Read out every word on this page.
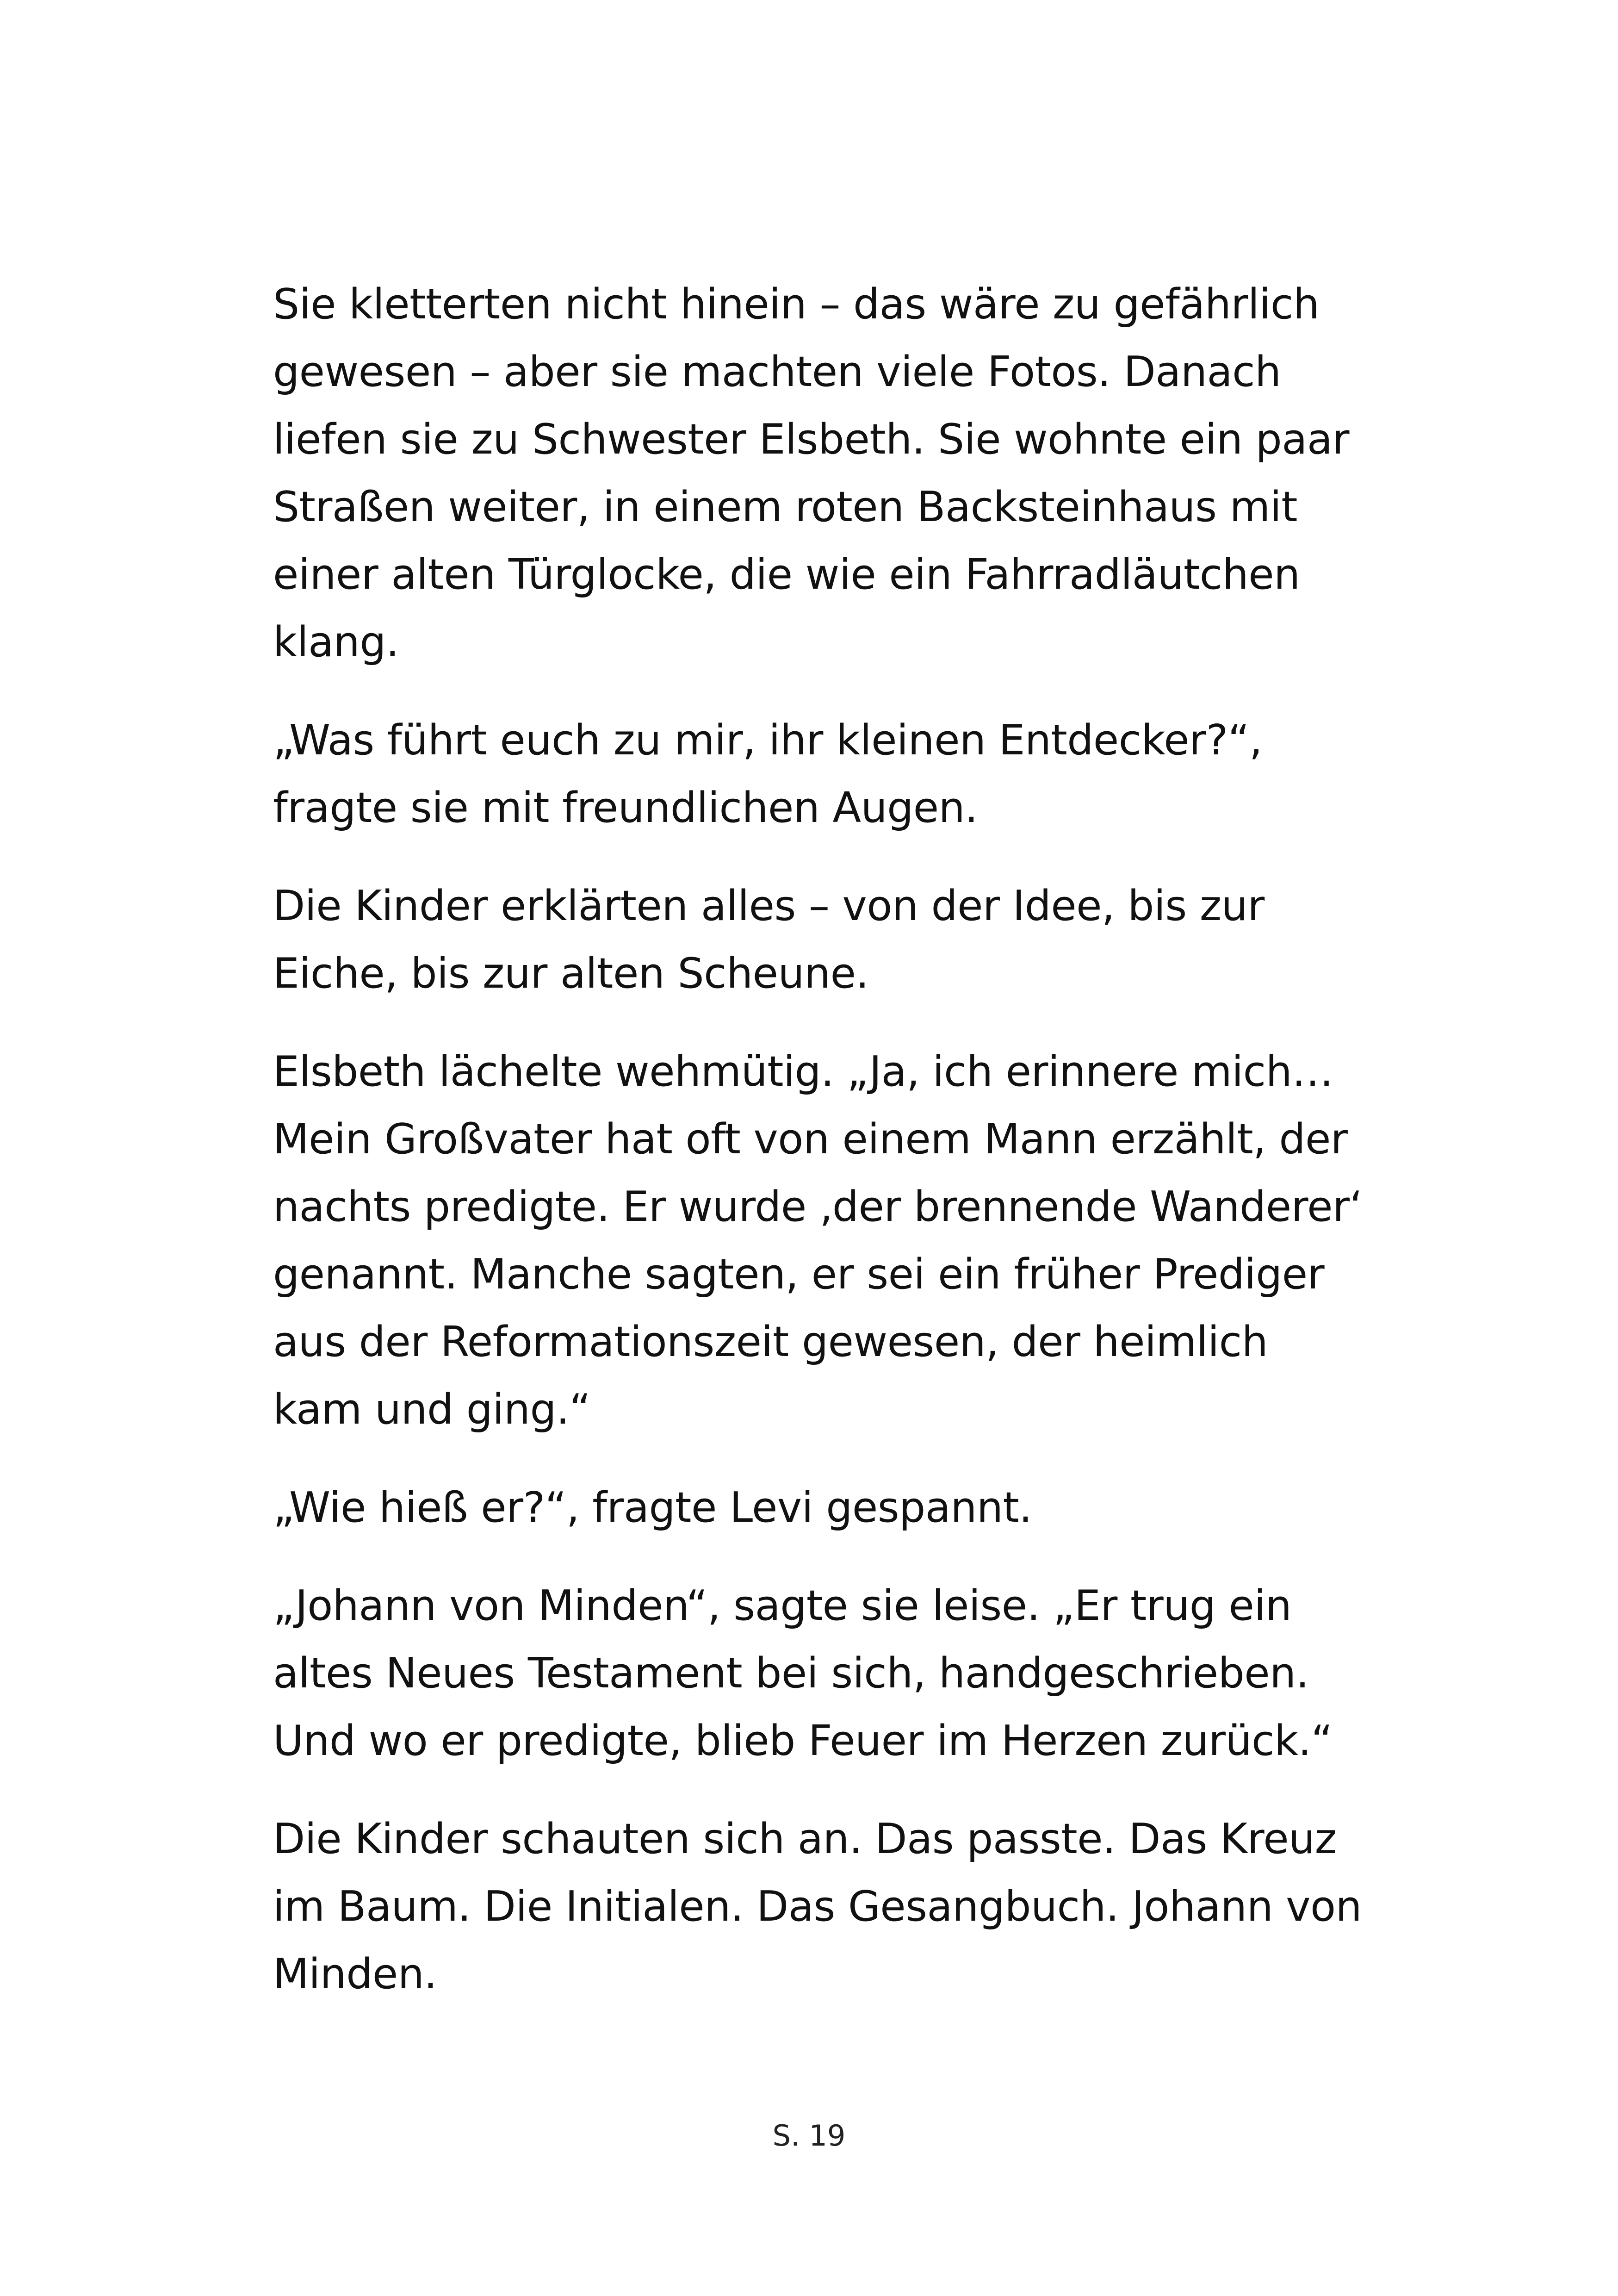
Sie kletterten nicht hinein – das wäre zu gefährlich
gewesen – aber sie machten viele Fotos. Danach
liefen sie zu Schwester Elsbeth. Sie wohnte ein paar
Straßen weiter, in einem roten Backsteinhaus mit
einer alten Türglocke, die wie ein Fahrradläutchen
klang.

„Was führt euch zu mir, ihr kleinen Entdecker?“,
fragte sie mit freundlichen Augen.

Die Kinder erklärten alles – von der Idee, bis zur
Eiche, bis zur alten Scheune.

Elsbeth lächelte wehmütig. „Ja, ich erinnere mich…
Mein Großvater hat oft von einem Mann erzählt, der
nachts predigte. Er wurde ‚der brennende Wanderer‘
genannt. Manche sagten, er sei ein früher Prediger
aus der Reformationszeit gewesen, der heimlich
kam und ging.“

„Wie hieß er?“, fragte Levi gespannt.

„Johann von Minden“, sagte sie leise. „Er trug ein
altes Neues Testament bei sich, handgeschrieben.
Und wo er predigte, blieb Feuer im Herzen zurück.“

Die Kinder schauten sich an. Das passte. Das Kreuz
im Baum. Die Initialen. Das Gesangbuch. Johann von
Minden.

S. 19
